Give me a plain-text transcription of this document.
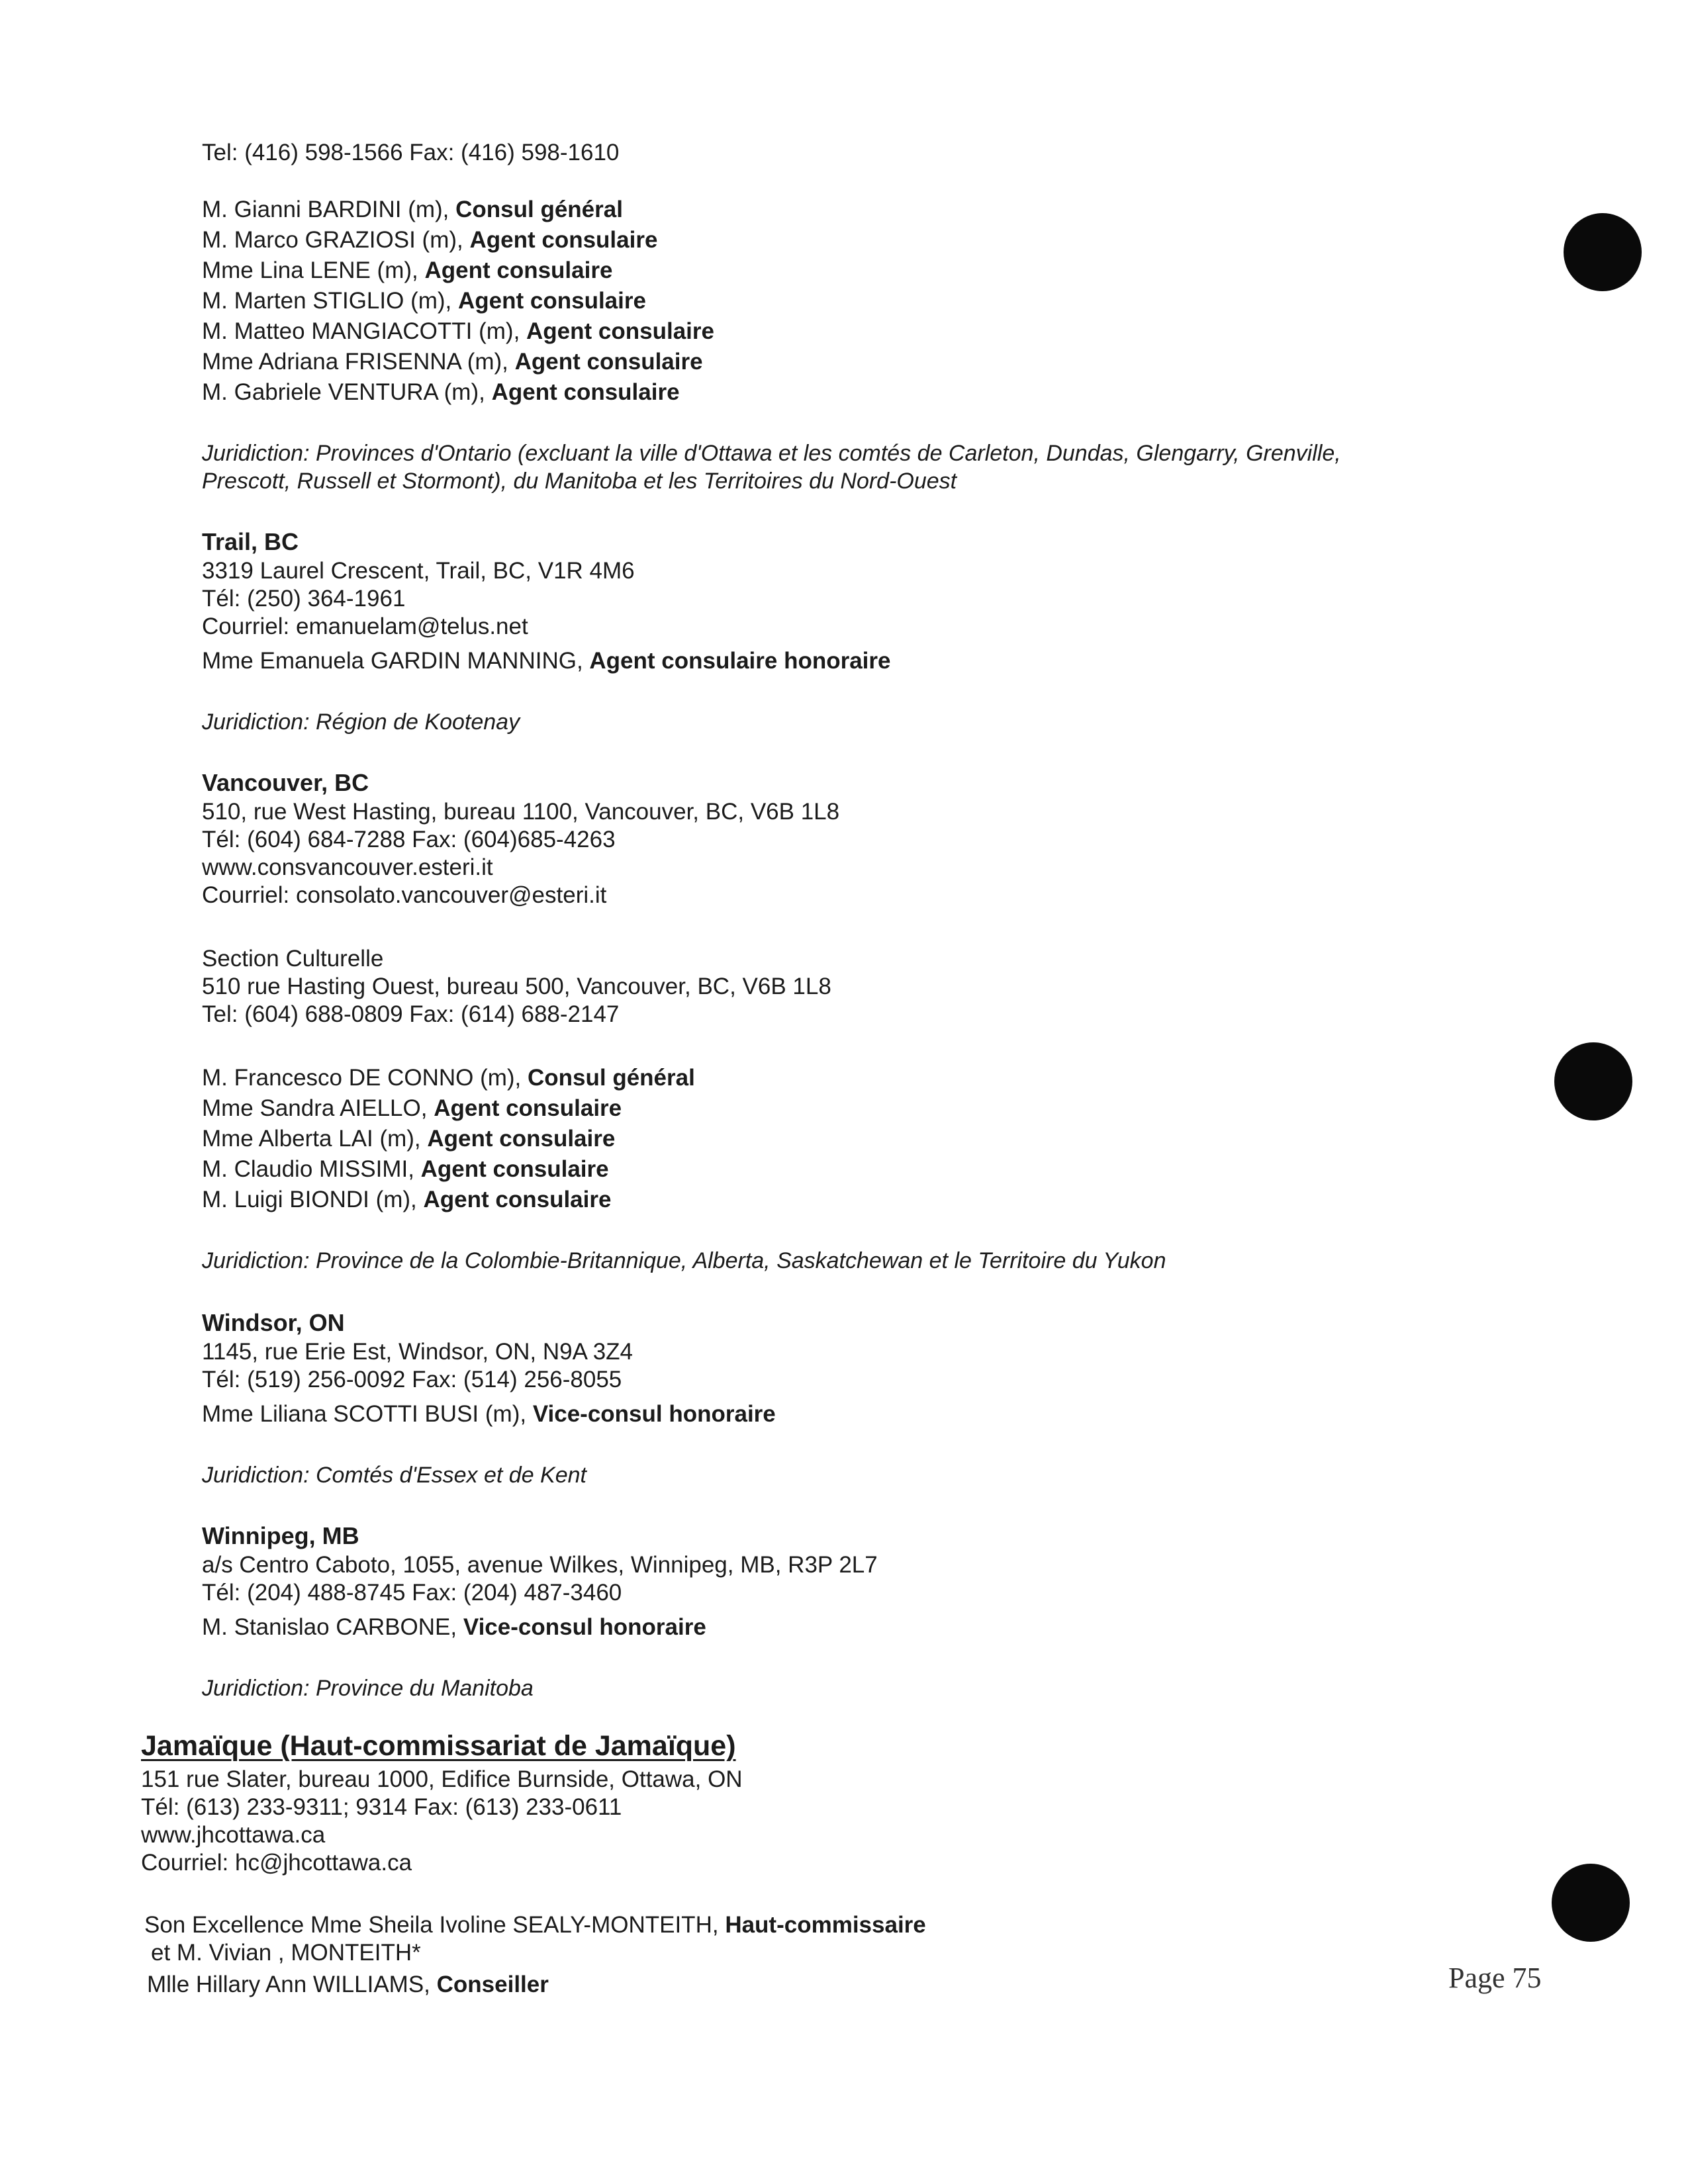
Tel: (416) 598-1566 Fax: (416) 598-1610
M. Gianni BARDINI (m), Consul général
M. Marco GRAZIOSI (m), Agent consulaire
Mme Lina LENE (m), Agent consulaire
M. Marten STIGLIO (m), Agent consulaire
M. Matteo MANGIACOTTI (m), Agent consulaire
Mme Adriana FRISENNA (m), Agent consulaire
M. Gabriele VENTURA (m), Agent consulaire
Juridiction: Provinces d'Ontario (excluant la ville d'Ottawa et les comtés de Carleton, Dundas, Glengarry, Grenville,
Prescott, Russell et Stormont), du Manitoba et les Territoires du Nord-Ouest
Trail, BC
3319 Laurel Crescent, Trail, BC, V1R 4M6
Tél: (250) 364-1961
Courriel: emanuelam@telus.net
Mme Emanuela GARDIN MANNING, Agent consulaire honoraire
Juridiction: Région de Kootenay
Vancouver, BC
510, rue West Hasting, bureau 1100, Vancouver, BC, V6B 1L8
Tél: (604) 684-7288 Fax: (604)685-4263
www.consvancouver.esteri.it
Courriel: consolato.vancouver@esteri.it
Section Culturelle
510 rue Hasting Ouest, bureau 500, Vancouver, BC, V6B 1L8
Tel: (604) 688-0809 Fax: (614) 688-2147
M. Francesco DE CONNO (m), Consul général
Mme Sandra AIELLO, Agent consulaire
Mme Alberta LAI (m), Agent consulaire
M. Claudio MISSIMI, Agent consulaire
M. Luigi BIONDI (m), Agent consulaire
Juridiction: Province de la Colombie-Britannique, Alberta, Saskatchewan et le Territoire du Yukon
Windsor, ON
1145, rue Erie Est, Windsor, ON, N9A 3Z4
Tél: (519) 256-0092 Fax: (514) 256-8055
Mme Liliana SCOTTI BUSI (m), Vice-consul honoraire
Juridiction: Comtés d'Essex et de Kent
Winnipeg, MB
a/s Centro Caboto, 1055, avenue Wilkes, Winnipeg, MB, R3P 2L7
Tél: (204) 488-8745 Fax: (204) 487-3460
M. Stanislao CARBONE, Vice-consul honoraire
Juridiction: Province du Manitoba
Jamaïque (Haut-commissariat de Jamaïque)
151 rue Slater, bureau 1000, Edifice Burnside, Ottawa, ON
Tél: (613) 233-9311; 9314 Fax: (613) 233-0611
www.jhcottawa.ca
Courriel: hc@jhcottawa.ca
Son Excellence Mme Sheila Ivoline SEALY-MONTEITH, Haut-commissaire
et M. Vivian , MONTEITH*
Mlle Hillary Ann WILLIAMS, Conseiller	Page 75
